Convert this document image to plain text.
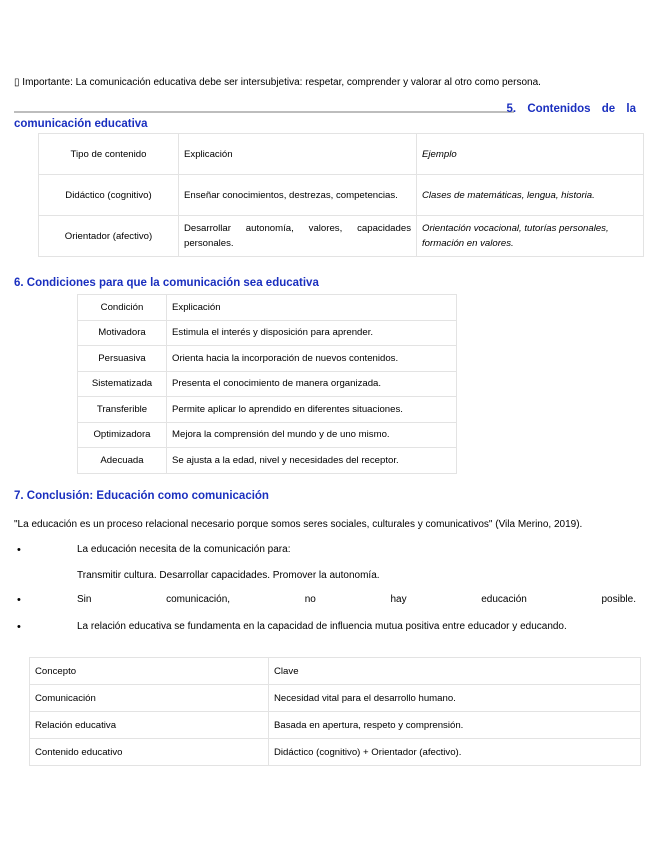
▯ Importante: La comunicación educativa debe ser intersubjetiva: respetar, comprender y valorar al otro como persona.
5. Contenidos de la
comunicación educativa
Tipo de contenido	Explicación	Ejemplo
Didáctico (cognitivo)	Enseñar conocimientos, destrezas, competencias.	Clases de matemáticas, lengua, historia.
Orientador (afectivo)	Desarrollar autonomía, valores, capacidades personales.	Orientación vocacional, tutorías personales, formación en valores.
6. Condiciones para que la comunicación sea educativa
Condición	Explicación
Motivadora	Estimula el interés y disposición para aprender.
Persuasiva	Orienta hacia la incorporación de nuevos contenidos.
Sistematizada	Presenta el conocimiento de manera organizada.
Transferible	Permite aplicar lo aprendido en diferentes situaciones.
Optimizadora	Mejora la comprensión del mundo y de uno mismo.
Adecuada	Se ajusta a la edad, nivel y necesidades del receptor.
7. Conclusión: Educación como comunicación
"La educación es un proceso relacional necesario porque somos seres sociales, culturales y comunicativos" (Vila Merino, 2019).
•	La educación necesita de la comunicación para:
Transmitir cultura. Desarrollar capacidades. Promover la autonomía.
•	Sin	comunicación,	no	hay	educación	posible.
•	La relación educativa se fundamenta en la capacidad de influencia mutua positiva entre educador y educando.
Concepto	Clave
Comunicación	Necesidad vital para el desarrollo humano.
Relación educativa	Basada en apertura, respeto y comprensión.
Contenido educativo	Didáctico (cognitivo) + Orientador (afectivo).
